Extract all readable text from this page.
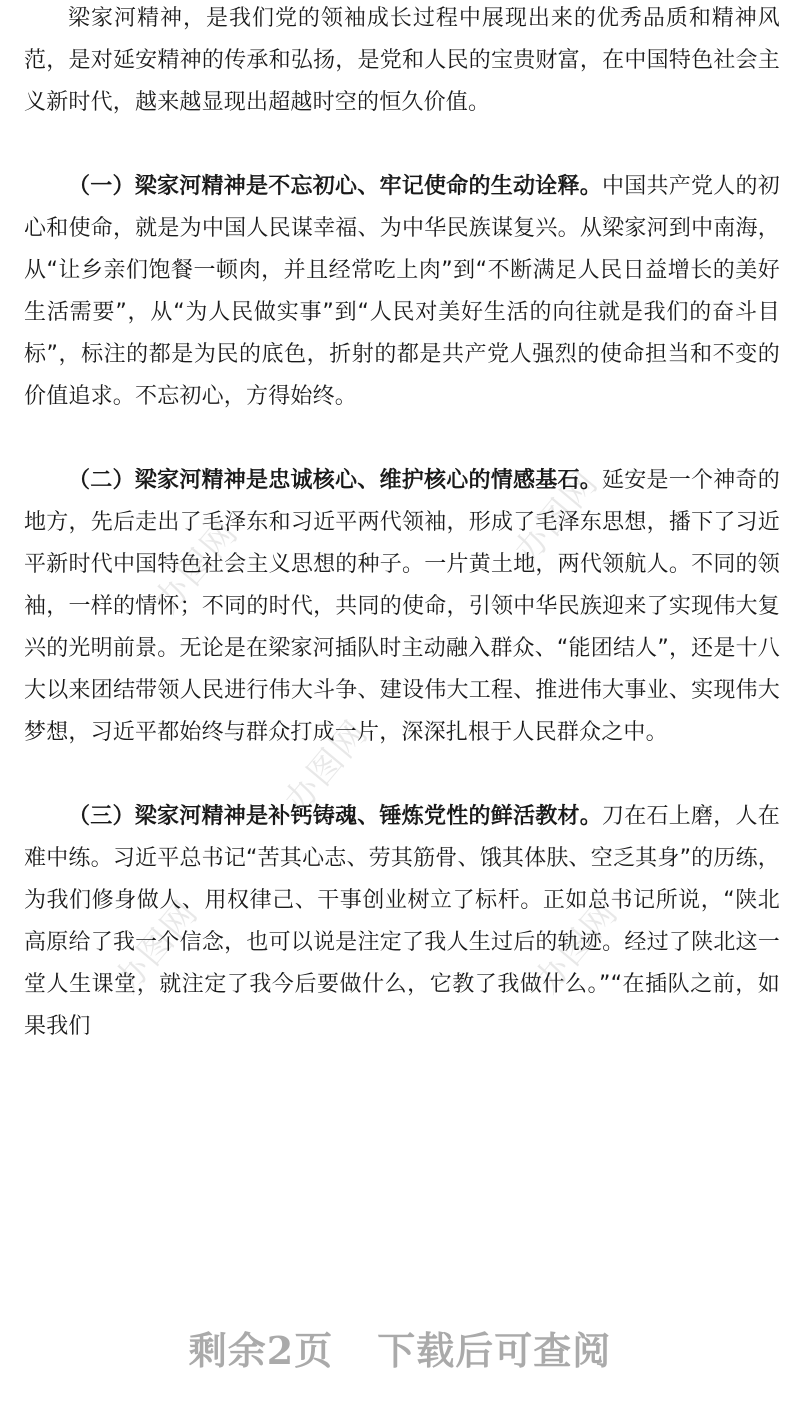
办图网	办图网
办图网
办图网	办图网

梁家河精神，是我们党的领袖成长过程中展现出来的优秀品质和精神风范，是对延安精神的传承和弘扬，是党和人民的宝贵财富，在中国特色社会主义新时代，越来越显现出超越时空的恒久价值。

（一）梁家河精神是不忘初心、牢记使命的生动诠释。中国共产党人的初心和使命，就是为中国人民谋幸福、为中华民族谋复兴。从梁家河到中南海，从“让乡亲们饱餐一顿肉，并且经常吃上肉”到“不断满足人民日益增长的美好生活需要”，从“为人民做实事”到“人民对美好生活的向往就是我们的奋斗目标”，标注的都是为民的底色，折射的都是共产党人强烈的使命担当和不变的价值追求。不忘初心，方得始终。

（二）梁家河精神是忠诚核心、维护核心的情感基石。延安是一个神奇的地方，先后走出了毛泽东和习近平两代领袖，形成了毛泽东思想，播下了习近平新时代中国特色社会主义思想的种子。一片黄土地，两代领航人。不同的领袖，一样的情怀；不同的时代，共同的使命，引领中华民族迎来了实现伟大复兴的光明前景。无论是在梁家河插队时主动融入群众、“能团结人”，还是十八大以来团结带领人民进行伟大斗争、建设伟大工程、推进伟大事业、实现伟大梦想，习近平都始终与群众打成一片，深深扎根于人民群众之中。

（三）梁家河精神是补钙铸魂、锤炼党性的鲜活教材。刀在石上磨，人在难中练。习近平总书记“苦其心志、劳其筋骨、饿其体肤、空乏其身”的历练，为我们修身做人、用权律己、干事创业树立了标杆。正如总书记所说，“陕北高原给了我一个信念，也可以说是注定了我人生过后的轨迹。经过了陕北这一堂人生课堂，就注定了我今后要做什么，它教了我做什么。”“在插队之前，如果我们

剩余2页 下载后可查阅
